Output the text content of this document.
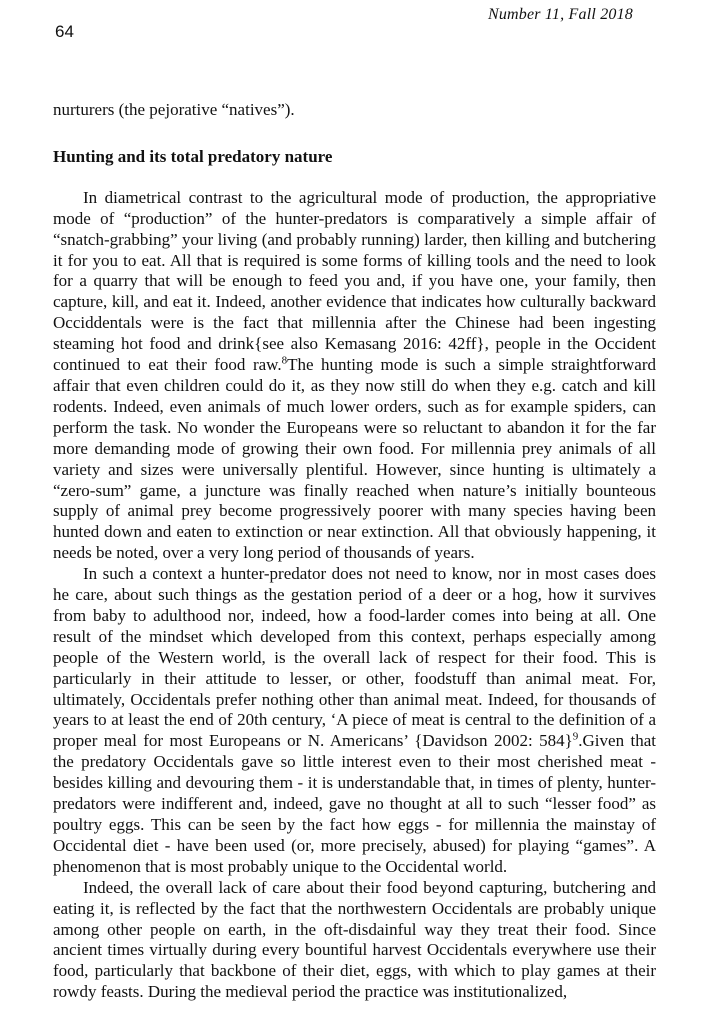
Number 11, Fall 2018
64

nurturers (the pejorative “natives”).

Hunting and its total predatory nature

In diametrical contrast to the agricultural mode of production, the appropriative mode of “production” of the hunter-predators is comparatively a simple affair of “snatch-grabbing” your living (and probably running) larder, then killing and butchering it for you to eat. All that is required is some forms of killing tools and the need to look for a quarry that will be enough to feed you and, if you have one, your family, then capture, kill, and eat it. Indeed, another evidence that indicates how culturally backward Occiddentals were is the fact that millennia after the Chinese had been ingesting steaming hot food and drink{see also Kemasang 2016: 42ff}, people in the Occident continued to eat their food raw.$^8$The hunting mode is such a simple straightforward affair that even children could do it, as they now still do when they e.g. catch and kill rodents. Indeed, even animals of much lower orders, such as for example spiders, can perform the task. No wonder the Europeans were so reluctant to abandon it for the far more demanding mode of growing their own food. For millennia prey animals of all variety and sizes were universally plentiful. However, since hunting is ultimately a “zero-sum” game, a juncture was finally reached when nature’s initially bounteous supply of animal prey become progressively poorer with many species having been hunted down and eaten to extinction or near extinction. All that obviously happening, it needs be noted, over a very long period of thousands of years.

In such a context a hunter-predator does not need to know, nor in most cases does he care, about such things as the gestation period of a deer or a hog, how it survives from baby to adulthood nor, indeed, how a food-larder comes into being at all. One result of the mindset which developed from this context, perhaps especially among people of the Western world, is the overall lack of respect for their food. This is particularly in their attitude to lesser, or other, foodstuff than animal meat. For, ultimately, Occidentals prefer nothing other than animal meat. Indeed, for thousands of years to at least the end of 20th century, ‘A piece of meat is central to the definition of a proper meal for most Europeans or N. Americans’ {Davidson 2002: 584}$^9$.Given that the predatory Occidentals gave so little interest even to their most cherished meat - besides killing and devouring them - it is understandable that, in times of plenty, hunter-predators were indifferent and, indeed, gave no thought at all to such “lesser food” as poultry eggs. This can be seen by the fact how eggs - for millennia the mainstay of Occidental diet - have been used (or, more precisely, abused) for playing “games”. A phenomenon that is most probably unique to the Occidental world.

Indeed, the overall lack of care about their food beyond capturing, butchering and eating it, is reflected by the fact that the northwestern Occidentals are probably unique among other people on earth, in the oft-disdainful way they treat their food. Since ancient times virtually during every bountiful harvest Occidentals everywhere use their food, particularly that backbone of their diet, eggs, with which to play games at their rowdy feasts. During the medieval period the practice was institutionalized,
